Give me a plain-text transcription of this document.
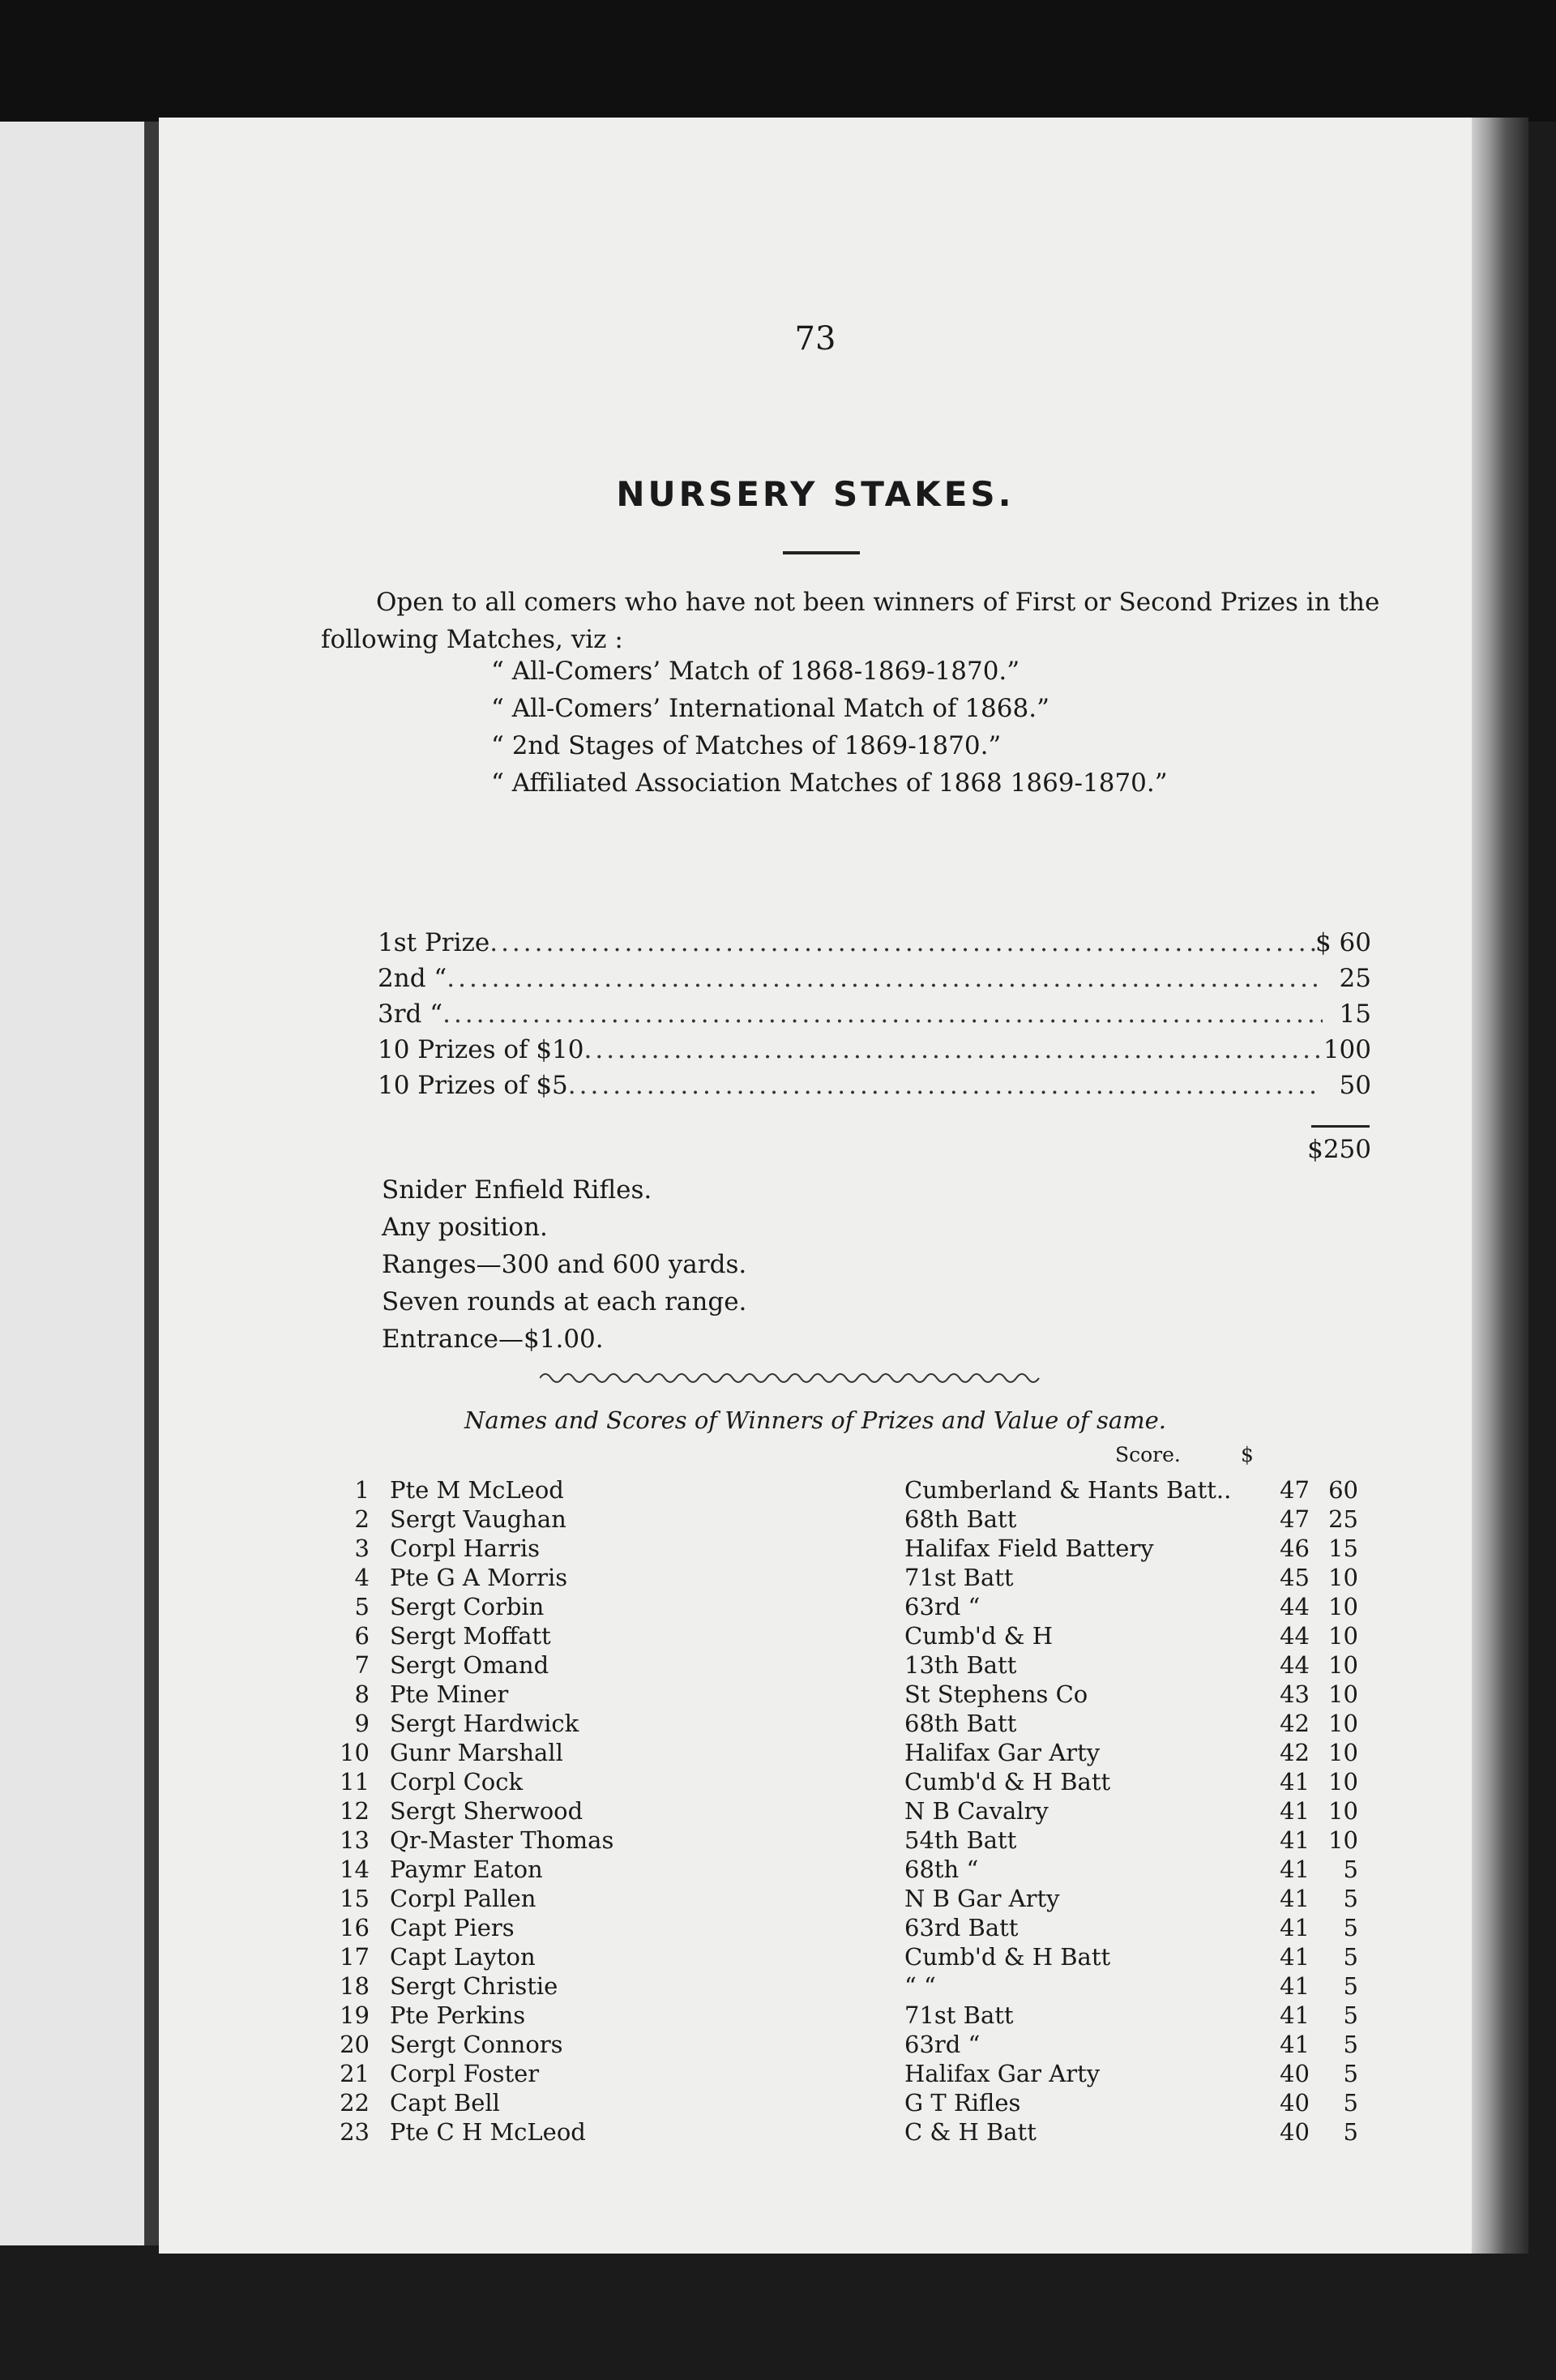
73
NURSERY STAKES.

Open to all comers who have not been winners of First or Second Prizes in the following Matches, viz :

“ All-Comers’ Match of 1868-1869-1870.”
“ All-Comers’ International Match of 1868.”
“ 2nd Stages of Matches of 1869-1870.”
“ Affiliated Association Matches of 1868 1869-1870.”
1st Prize .....	$ 60
2nd “ .....	25
3rd “ .....	15
10 Prizes of $10 .....	100
10 Prizes of $5 .....	50
$250
Snider Enfield Rifles.
Any position.
Ranges—300 and 600 yards.
Seven rounds at each range.
Entrance—$1.00.
Names and Scores of Winners of Prizes and Value of same.
Score.	$
1 Pte M McLeod	Cumberland & Hants Batt..	47 60
2 Sergt Vaughan	68th Batt	47 25
3 Corpl Harris	Halifax Field Battery	46 15
4 Pte G A Morris	71st Batt	45 10
5 Sergt Corbin	63rd “	44 10
6 Sergt Moffatt	Cumb'd & H	44 10
7 Sergt Omand	13th Batt	44 10
8 Pte Miner	St Stephens Co	43 10
9 Sergt Hardwick	68th Batt	42 10
10 Gunr Marshall	Halifax Gar Arty	42 10
11 Corpl Cock	Cumb'd & H Batt	41 10
12 Sergt Sherwood	N B Cavalry	41 10
13 Qr-Master Thomas	54th Batt	41 10
14 Paymr Eaton	68th “	41	5
15 Corpl Pallen	N B Gar Arty	41	5
16 Capt Piers	63rd Batt	41	5
17 Capt Layton	Cumb'd & H Batt	41	5
18 Sergt Christie	“ “	41	5
19 Pte Perkins	71st Batt	41	5
20 Sergt Connors	63rd “	41	5
21 Corpl Foster	Halifax Gar Arty	40	5
22 Capt Bell	G T Rifles	40	5
23 Pte C H McLeod	C & H Batt	40	5
